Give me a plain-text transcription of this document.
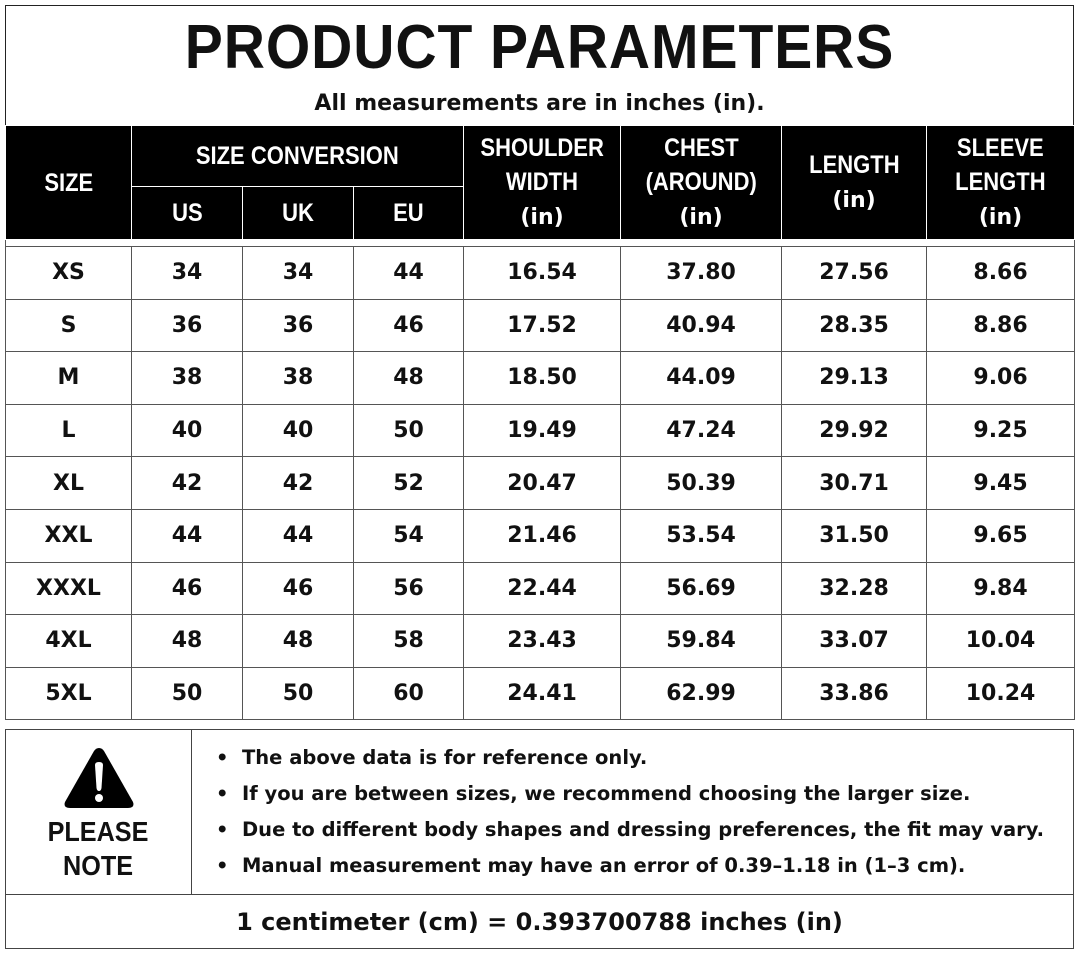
PRODUCT PARAMETERS
All measurements are in inches (in).
SIZE	SIZE CONVERSION			SHOULDER
WIDTH
(in)	CHEST
(AROUND)
(in)	LENGTH
(in)	SLEEVE
LENGTH
(in)
	US	UK	EU				

XS	34	34	44	16.54	37.80	27.56	8.66
S	36	36	46	17.52	40.94	28.35	8.86
M	38	38	48	18.50	44.09	29.13	9.06
L	40	40	50	19.49	47.24	29.92	9.25
XL	42	42	52	20.47	50.39	30.71	9.45
XXL	44	44	54	21.46	53.54	31.50	9.65
XXXL	46	46	56	22.44	56.69	32.28	9.84
4XL	48	48	58	23.43	59.84	33.07	10.04
5XL	50	50	60	24.41	62.99	33.86	10.24
PLEASE
NOTE
• The above data is for reference only.
• If you are between sizes, we recommend choosing the larger size.
• Due to different body shapes and dressing preferences, the fit may vary.
• Manual measurement may have an error of 0.39–1.18 in (1–3 cm).
1 centimeter (cm) = 0.393700788 inches (in)
